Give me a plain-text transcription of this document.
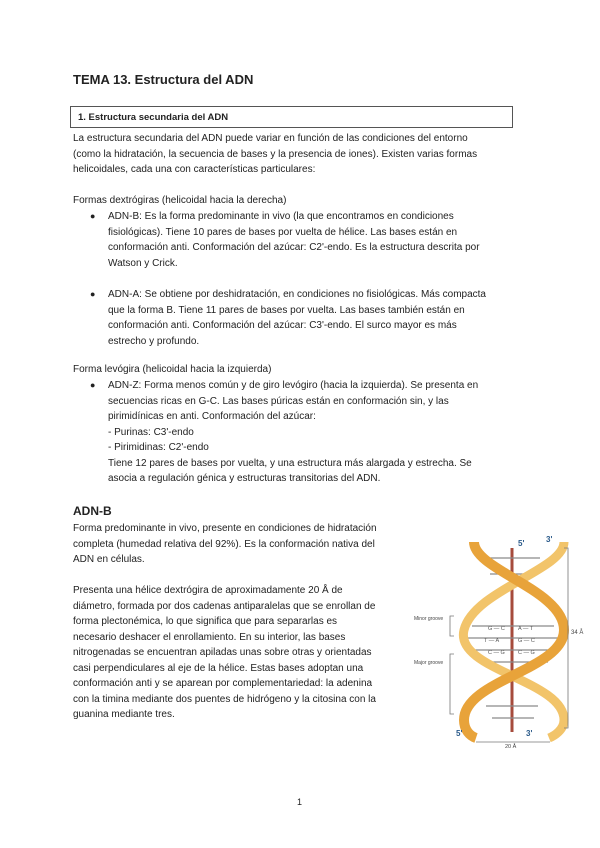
TEMA 13. Estructura del ADN
1. Estructura secundaria del ADN
La estructura secundaria del ADN puede variar en función de las condiciones del entorno
(como la hidratación, la secuencia de bases y la presencia de iones). Existen varias formas
helicoidales, cada una con características particulares:
Formas dextrógiras (helicoidal hacia la derecha)
● ADN-B: Es la forma predominante in vivo (la que encontramos en condiciones
fisiológicas). Tiene 10 pares de bases por vuelta de hélice. Las bases están en
conformación anti. Conformación del azúcar: C2'-endo. Es la estructura descrita por
Watson y Crick.
● ADN-A: Se obtiene por deshidratación, en condiciones no fisiológicas. Más compacta
que la forma B. Tiene 11 pares de bases por vuelta. Las bases también están en
conformación anti. Conformación del azúcar: C3'-endo. El surco mayor es más
estrecho y profundo.
Forma levógira (helicoidal hacia la izquierda)
● ADN-Z: Forma menos común y de giro levógiro (hacia la izquierda). Se presenta en
secuencias ricas en G-C. Las bases púricas están en conformación sin, y las
pirimidínicas en anti. Conformación del azúcar:
- Purinas: C3'-endo
- Pirimidinas: C2'-endo
Tiene 12 pares de bases por vuelta, y una estructura más alargada y estrecha. Se
asocia a regulación génica y estructuras transitorias del ADN.
ADN-B
Forma predominante in vivo, presente en condiciones de hidratación
completa (humedad relativa del 92%). Es la conformación nativa del
ADN en células.
Presenta una hélice dextrógira de aproximadamente 20 Å de
diámetro, formada por dos cadenas antiparalelas que se enrollan de
forma plectonémica, lo que significa que para separarlas es
necesario deshacer el enrollamiento. En su interior, las bases
nitrogenadas se encuentran apiladas unas sobre otras y orientadas
casi perpendiculares al eje de la hélice. Estas bases adoptan una
conformación anti y se aparean por complementariedad: la adenina
con la timina mediante dos puentes de hidrógeno y la citosina con la
guanina mediante tres.
G — C
T — A
C — G
A — T
G — C
C — G
Minor groove
Major groove
34 Å
20 Å
5'	3'
5'	3'
1
